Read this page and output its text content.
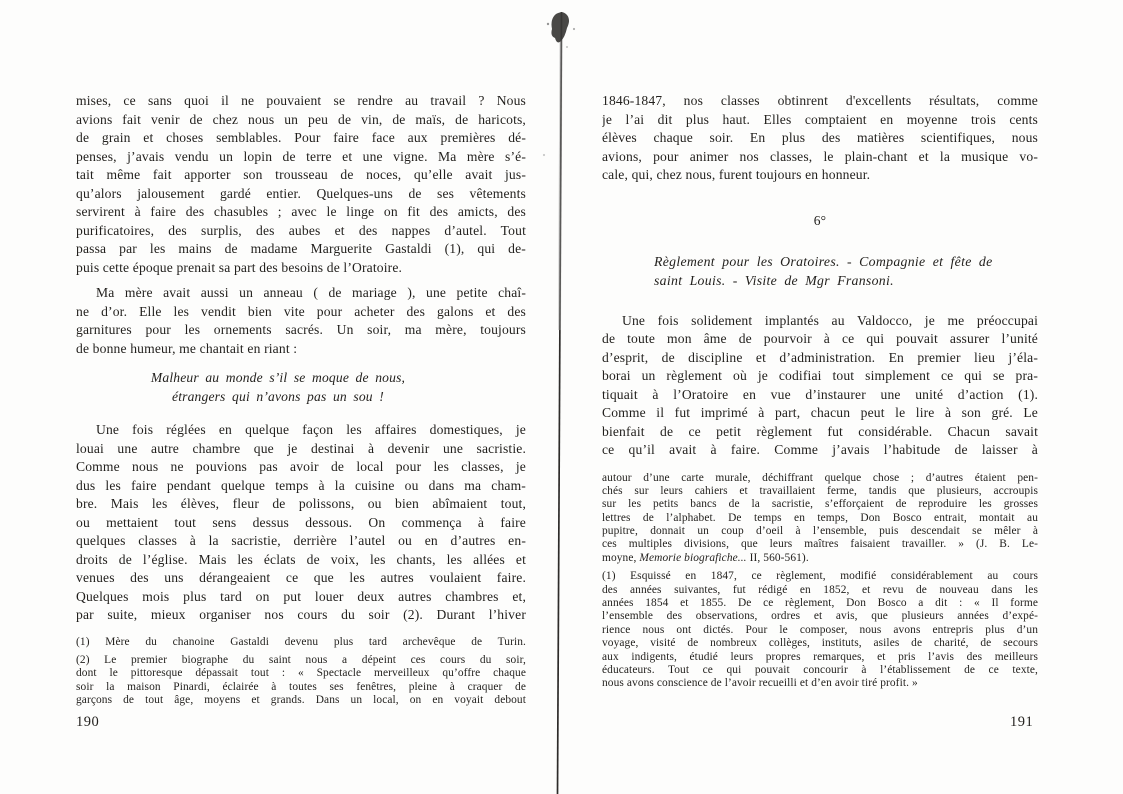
mises, ce sans quoi il ne pouvaient se rendre au travail ? Nous
avions fait venir de chez nous un peu de vin, de maïs, de haricots,
de grain et choses semblables. Pour faire face aux premières dé-
penses, j’avais vendu un lopin de terre et une vigne. Ma mère s’é-
tait même fait apporter son trousseau de noces, qu’elle avait jus-
qu’alors jalousement gardé entier. Quelques-uns de ses vêtements
servirent à faire des chasubles ; avec le linge on fit des amicts, des
purificatoires, des surplis, des aubes et des nappes d’autel. Tout
passa par les mains de madame Marguerite Gastaldi (1), qui de-
puis cette époque prenait sa part des besoins de l’Oratoire.
Ma mère avait aussi un anneau ( de mariage ), une petite chaî-
ne d’or. Elle les vendit bien vite pour acheter des galons et des
garnitures pour les ornements sacrés. Un soir, ma mère, toujours
de bonne humeur, me chantait en riant :
Malheur au monde s’il se moque de nous,
étrangers qui n’avons pas un sou !
Une fois réglées en quelque façon les affaires domestiques, je
louai une autre chambre que je destinai à devenir une sacristie.
Comme nous ne pouvions pas avoir de local pour les classes, je
dus les faire pendant quelque temps à la cuisine ou dans ma cham-
bre. Mais les élèves, fleur de polissons, ou bien abîmaient tout,
ou mettaient tout sens dessus dessous. On commença à faire
quelques classes à la sacristie, derrière l’autel ou en d’autres en-
droits de l’église. Mais les éclats de voix, les chants, les allées et
venues des uns dérangeaient ce que les autres voulaient faire.
Quelques mois plus tard on put louer deux autres chambres et,
par suite, mieux organiser nos cours du soir (2). Durant l’hiver
(1) Mère du chanoine Gastaldi devenu plus tard archevêque de Turin.
(2) Le premier biographe du saint nous a dépeint ces cours du soir,
dont le pittoresque dépassait tout : « Spectacle merveilleux qu’offre chaque
soir la maison Pinardi, éclairée à toutes ses fenêtres, pleine à craquer de
garçons de tout âge, moyens et grands. Dans un local, on en voyait debout
190
1846-1847, nos classes obtinrent d'excellents résultats, comme
je l’ai dit plus haut. Elles comptaient en moyenne trois cents
élèves chaque soir. En plus des matières scientifiques, nous
avions, pour animer nos classes, le plain-chant et la musique vo-
cale, qui, chez nous, furent toujours en honneur.
6°
Règlement pour les Oratoires. - Compagnie et fête de
saint Louis. - Visite de Mgr Fransoni.
Une fois solidement implantés au Valdocco, je me préoccupai
de toute mon âme de pourvoir à ce qui pouvait assurer l’unité
d’esprit, de discipline et d’administration. En premier lieu j’éla-
borai un règlement où je codifiai tout simplement ce qui se pra-
tiquait à l’Oratoire en vue d’instaurer une unité d’action (1).
Comme il fut imprimé à part, chacun peut le lire à son gré. Le
bienfait de ce petit règlement fut considérable. Chacun savait
ce qu’il avait à faire. Comme j’avais l’habitude de laisser à
autour d’une carte murale, déchiffrant quelque chose ; d’autres étaient pen-
chés sur leurs cahiers et travaillaient ferme, tandis que plusieurs, accroupis
sur les petits bancs de la sacristie, s’efforçaient de reproduire les grosses
lettres de l’alphabet. De temps en temps, Don Bosco entrait, montait au
pupitre, donnait un coup d’oeil à l’ensemble, puis descendait se mêler à
ces multiples divisions, que leurs maîtres faisaient travailler. » (J. B. Le-
moyne, Memorie biografiche... II, 560-561).
(1) Esquissé en 1847, ce règlement, modifié considérablement au cours
des années suivantes, fut rédigé en 1852, et revu de nouveau dans les
années 1854 et 1855. De ce règlement, Don Bosco a dit : « Il forme
l’ensemble des observations, ordres et avis, que plusieurs années d’expé-
rience nous ont dictés. Pour le composer, nous avons entrepris plus d’un
voyage, visité de nombreux collèges, instituts, asiles de charité, de secours
aux indigents, étudié leurs propres remarques, et pris l’avis des meilleurs
éducateurs. Tout ce qui pouvait concourir à l’établissement de ce texte,
nous avons conscience de l’avoir recueilli et d’en avoir tiré profit. »
191
